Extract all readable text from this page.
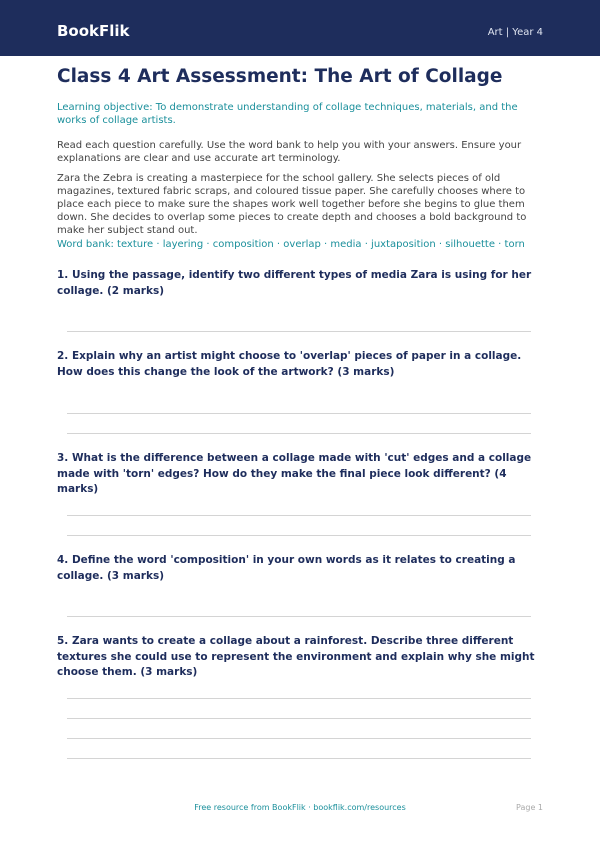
BookFlik	Art | Year 4
Class 4 Art Assessment: The Art of Collage

Learning objective: To demonstrate understanding of collage techniques, materials, and the works of collage artists.

Read each question carefully. Use the word bank to help you with your answers. Ensure your explanations are clear and use accurate art terminology.

Zara the Zebra is creating a masterpiece for the school gallery. She selects pieces of old magazines, textured fabric scraps, and coloured tissue paper. She carefully chooses where to place each piece to make sure the shapes work well together before she begins to glue them down. She decides to overlap some pieces to create depth and chooses a bold background to make her subject stand out.

Word bank: texture · layering · composition · overlap · media · juxtaposition · silhouette · torn

1. Using the passage, identify two different types of media Zara is using for her collage. (2 marks)

2. Explain why an artist might choose to 'overlap' pieces of paper in a collage. How does this change the look of the artwork? (3 marks)

3. What is the difference between a collage made with 'cut' edges and a collage made with 'torn' edges? How do they make the final piece look different? (4 marks)

4. Define the word 'composition' in your own words as it relates to creating a collage. (3 marks)

5. Zara wants to create a collage about a rainforest. Describe three different textures she could use to represent the environment and explain why she might choose them. (3 marks)

Free resource from BookFlik · bookflik.com/resources	Page 1
